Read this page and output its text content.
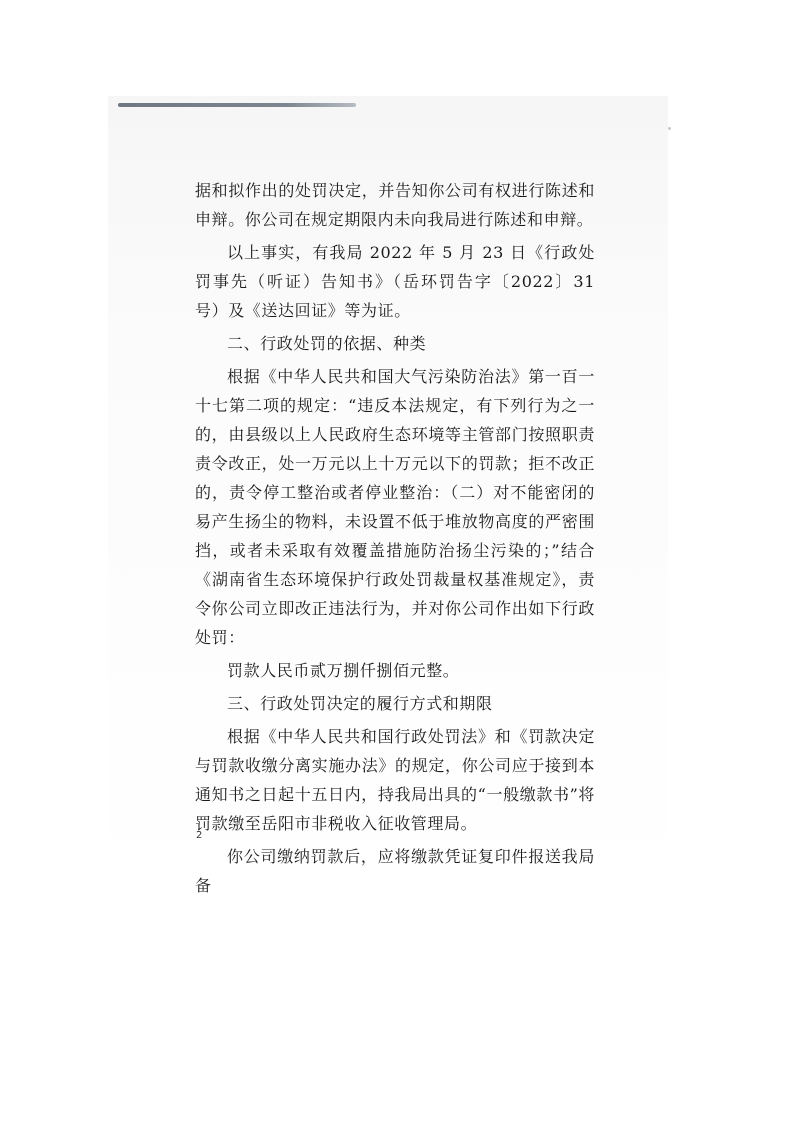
据和拟作出的处罚决定，并告知你公司有权进行陈述和申辩。你公司在规定期限内未向我局进行陈述和申辩。

以上事实，有我局 2022 年 5 月 23 日《行政处罚事先（听证）告知书》（岳环罚告字〔2022〕31 号）及《送达回证》等为证。

二、行政处罚的依据、种类

根据《中华人民共和国大气污染防治法》第一百一十七第二项的规定：“违反本法规定，有下列行为之一的，由县级以上人民政府生态环境等主管部门按照职责责令改正，处一万元以上十万元以下的罚款；拒不改正的，责令停工整治或者停业整治：（二）对不能密闭的易产生扬尘的物料，未设置不低于堆放物高度的严密围挡，或者未采取有效覆盖措施防治扬尘污染的；”结合《湖南省生态环境保护行政处罚裁量权基准规定》，责令你公司立即改正违法行为，并对你公司作出如下行政处罚：

罚款人民币贰万捌仟捌佰元整。

三、行政处罚决定的履行方式和期限

根据《中华人民共和国行政处罚法》和《罚款决定与罚款收缴分离实施办法》的规定，你公司应于接到本通知书之日起十五日内，持我局出具的“一般缴款书”将罚款缴至岳阳市非税收入征收管理局。

你公司缴纳罚款后，应将缴款凭证复印件报送我局备

2
